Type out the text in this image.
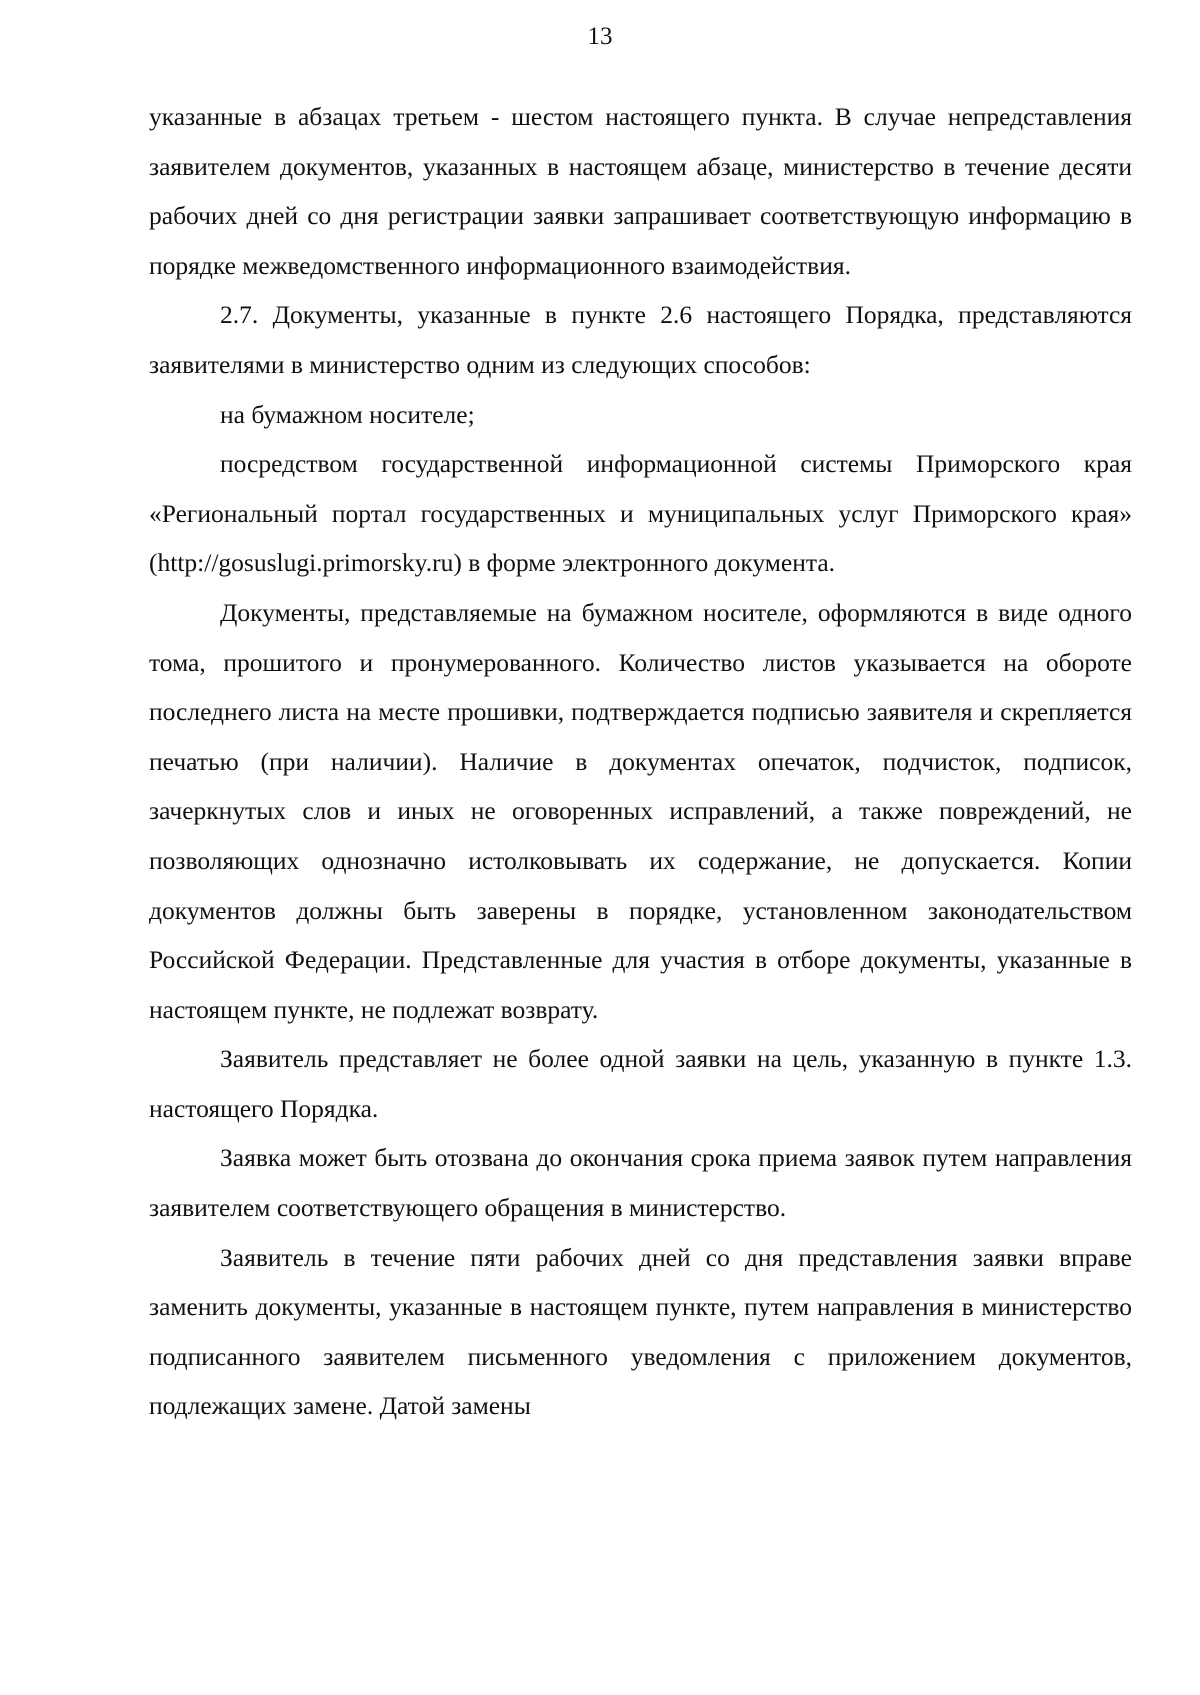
13

указанные в абзацах третьем - шестом настоящего пункта. В случае непредставления заявителем документов, указанных в настоящем абзаце, министерство в течение десяти рабочих дней со дня регистрации заявки запрашивает соответствующую информацию в порядке межведомственного информационного взаимодействия.

2.7. Документы, указанные в пункте 2.6 настоящего Порядка, представляются заявителями в министерство одним из следующих способов:

на бумажном носителе;

посредством государственной информационной системы Приморского края «Региональный портал государственных и муниципальных услуг Приморского края» (http://gosuslugi.primorsky.ru) в форме электронного документа.

Документы, представляемые на бумажном носителе, оформляются в виде одного тома, прошитого и пронумерованного. Количество листов указывается на обороте последнего листа на месте прошивки, подтверждается подписью заявителя и скрепляется печатью (при наличии). Наличие в документах опечаток, подчисток, подписок, зачеркнутых слов и иных не оговоренных исправлений, а также повреждений, не позволяющих однозначно истолковывать их содержание, не допускается. Копии документов должны быть заверены в порядке, установленном законодательством Российской Федерации. Представленные для участия в отборе документы, указанные в настоящем пункте, не подлежат возврату.

Заявитель представляет не более одной заявки на цель, указанную в пункте 1.3. настоящего Порядка.

Заявка может быть отозвана до окончания срока приема заявок путем направления заявителем соответствующего обращения в министерство.

Заявитель в течение пяти рабочих дней со дня представления заявки вправе заменить документы, указанные в настоящем пункте, путем направления в министерство подписанного заявителем письменного уведомления с приложением документов, подлежащих замене. Датой замены
